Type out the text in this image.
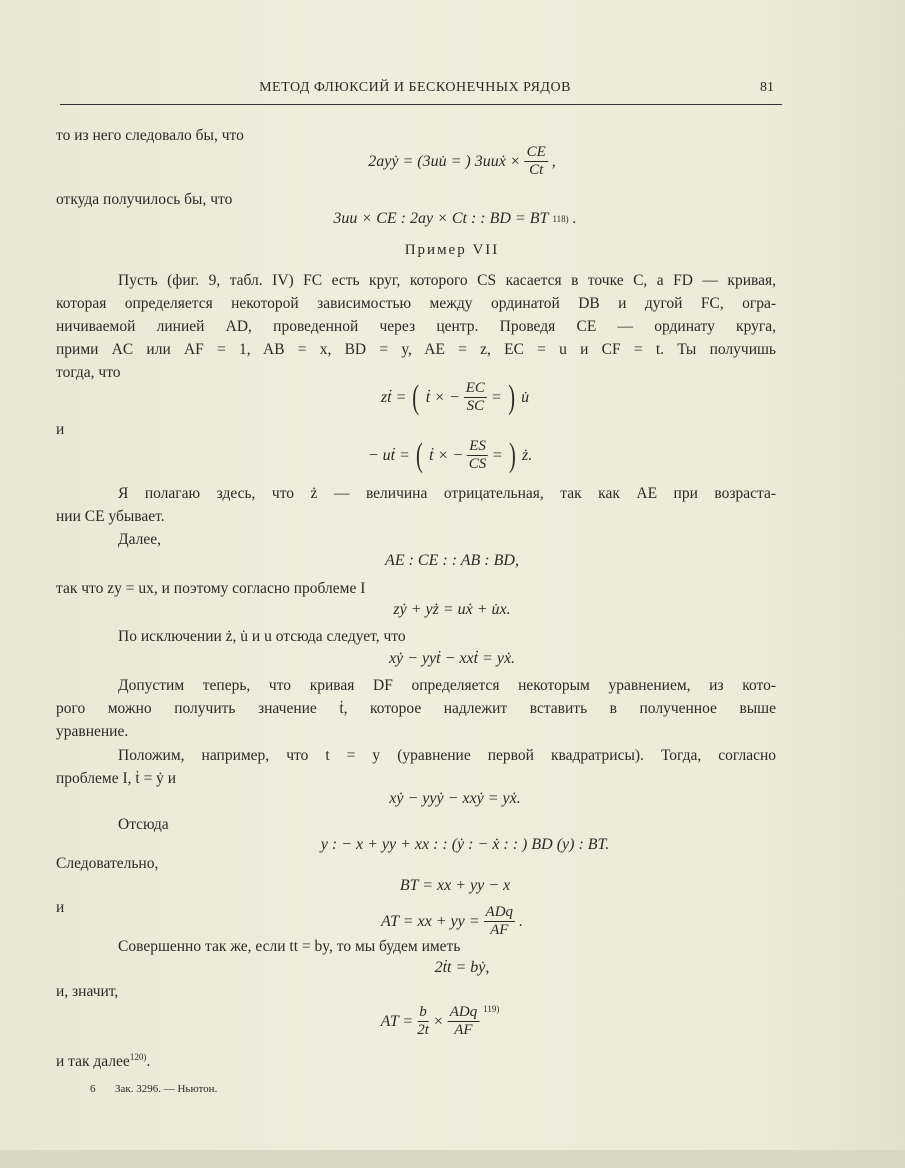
МЕТОД ФЛЮКСИЙ И БЕСКОНЕЧНЫХ РЯДОВ	81
то из него следовало бы, что
2ayẏ = (3uu̇ = ) 3uuẋ × $\frac{CE}{Ct}$ ,
откуда получилось бы, что
3uu × CE : 2ay × Ct : : BD = BT 118) .
Пример VII
Пусть (фиг. 9, табл. IV) FC есть круг, которого CS касается в точке C, а FD — кривая,
которая определяется некоторой зависимостью между ординатой DB и дугой FC, огра-
ничиваемой линией AD, проведенной через центр. Проведя CE — ординату круга,
прими AC или AF = 1, AB = x, BD = y, AE = z, EC = u и CF = t. Ты получишь
тогда, что
zṫ = ( ṫ × − $\frac{EC}{SC}$ = ) u̇
и
− uṫ = ( ṫ × − $\frac{ES}{CS}$ = ) ż.
Я полагаю здесь, что ż — величина отрицательная, так как AE при возраста-
нии CE убывает.
Далее,
AE : CE : : AB : BD,
так что zy = ux, и поэтому согласно проблеме I
zẏ + yż = uẋ + u̇x.
По исключении ż, u̇ и u отсюда следует, что
xẏ − yyṫ − xxṫ = yẋ.
Допустим теперь, что кривая DF определяется некоторым уравнением, из кото-
рого можно получить значение ṫ, которое надлежит вставить в полученное выше
уравнение.
Положим, например, что t = y (уравнение первой квадратрисы). Тогда, согласно
проблеме I, ṫ = ẏ и
xẏ − yyẏ − xxẏ = yẋ.
Отсюда
y : − x + yy + xx : : (ẏ : − ẋ : : ) BD (y) : BT.
Следовательно,
BT = xx + yy − x
и
AT = xx + yy = $\frac{\text{ADq}}{AF}$ .
Совершенно так же, если tt = by, то мы будем иметь
2ṫt = bẏ,
и, значит,
AT = $\frac{b}{2t} \times \frac{\text{ADq}}{AF} ^{119)}$
и так далее$^{120)}$.
6 Зак. 3296. — Ньютон.
